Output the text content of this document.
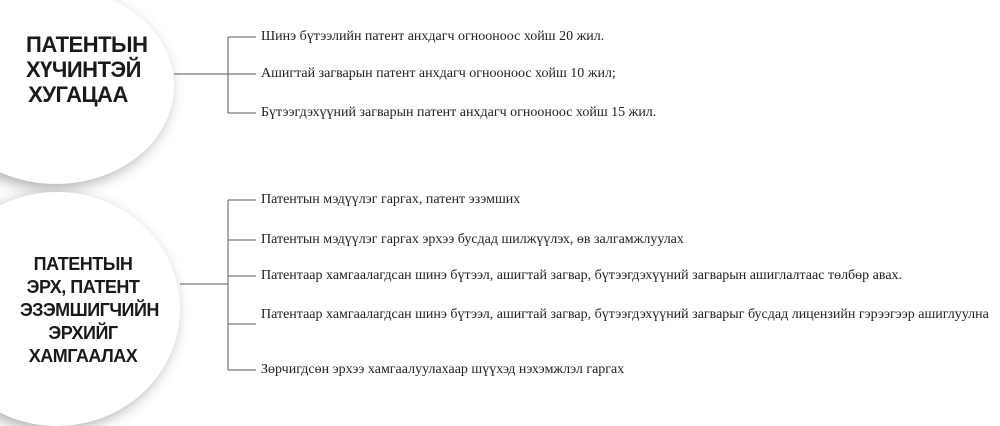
ПАТЕНТЫН ХҮЧИНТЭЙ ХУГАЦАА
ПАТЕНТЫН ЭРХ, ПАТЕНТ ЭЗЭМШИГЧИЙН ЭРХИЙГ ХАМГААЛАХ
Шинэ бүтээлийн патент анхдагч огнооноос хойш 20 жил.
Ашигтай загварын патент анхдагч огнооноос хойш 10 жил;
Бүтээгдэхүүний загварын патент анхдагч огнооноос хойш 15 жил.
Патентын мэдүүлэг гаргах, патент эзэмших
Патентын мэдүүлэг гаргах эрхээ бусдад шилжүүлэх, өв залгамжлуулах
Патентаар хамгаалагдсан шинэ бүтээл, ашигтай загвар, бүтээгдэхүүний загварын ашиглалтаас төлбөр авах.
Патентаар хамгаалагдсан шинэ бүтээл, ашигтай загвар, бүтээгдэхүүний загварыг бусдад лицензийн гэрээгээр ашиглуулна
Зөрчигдсөн эрхээ хамгаалуулахаар шүүхэд нэхэмжлэл гаргах
